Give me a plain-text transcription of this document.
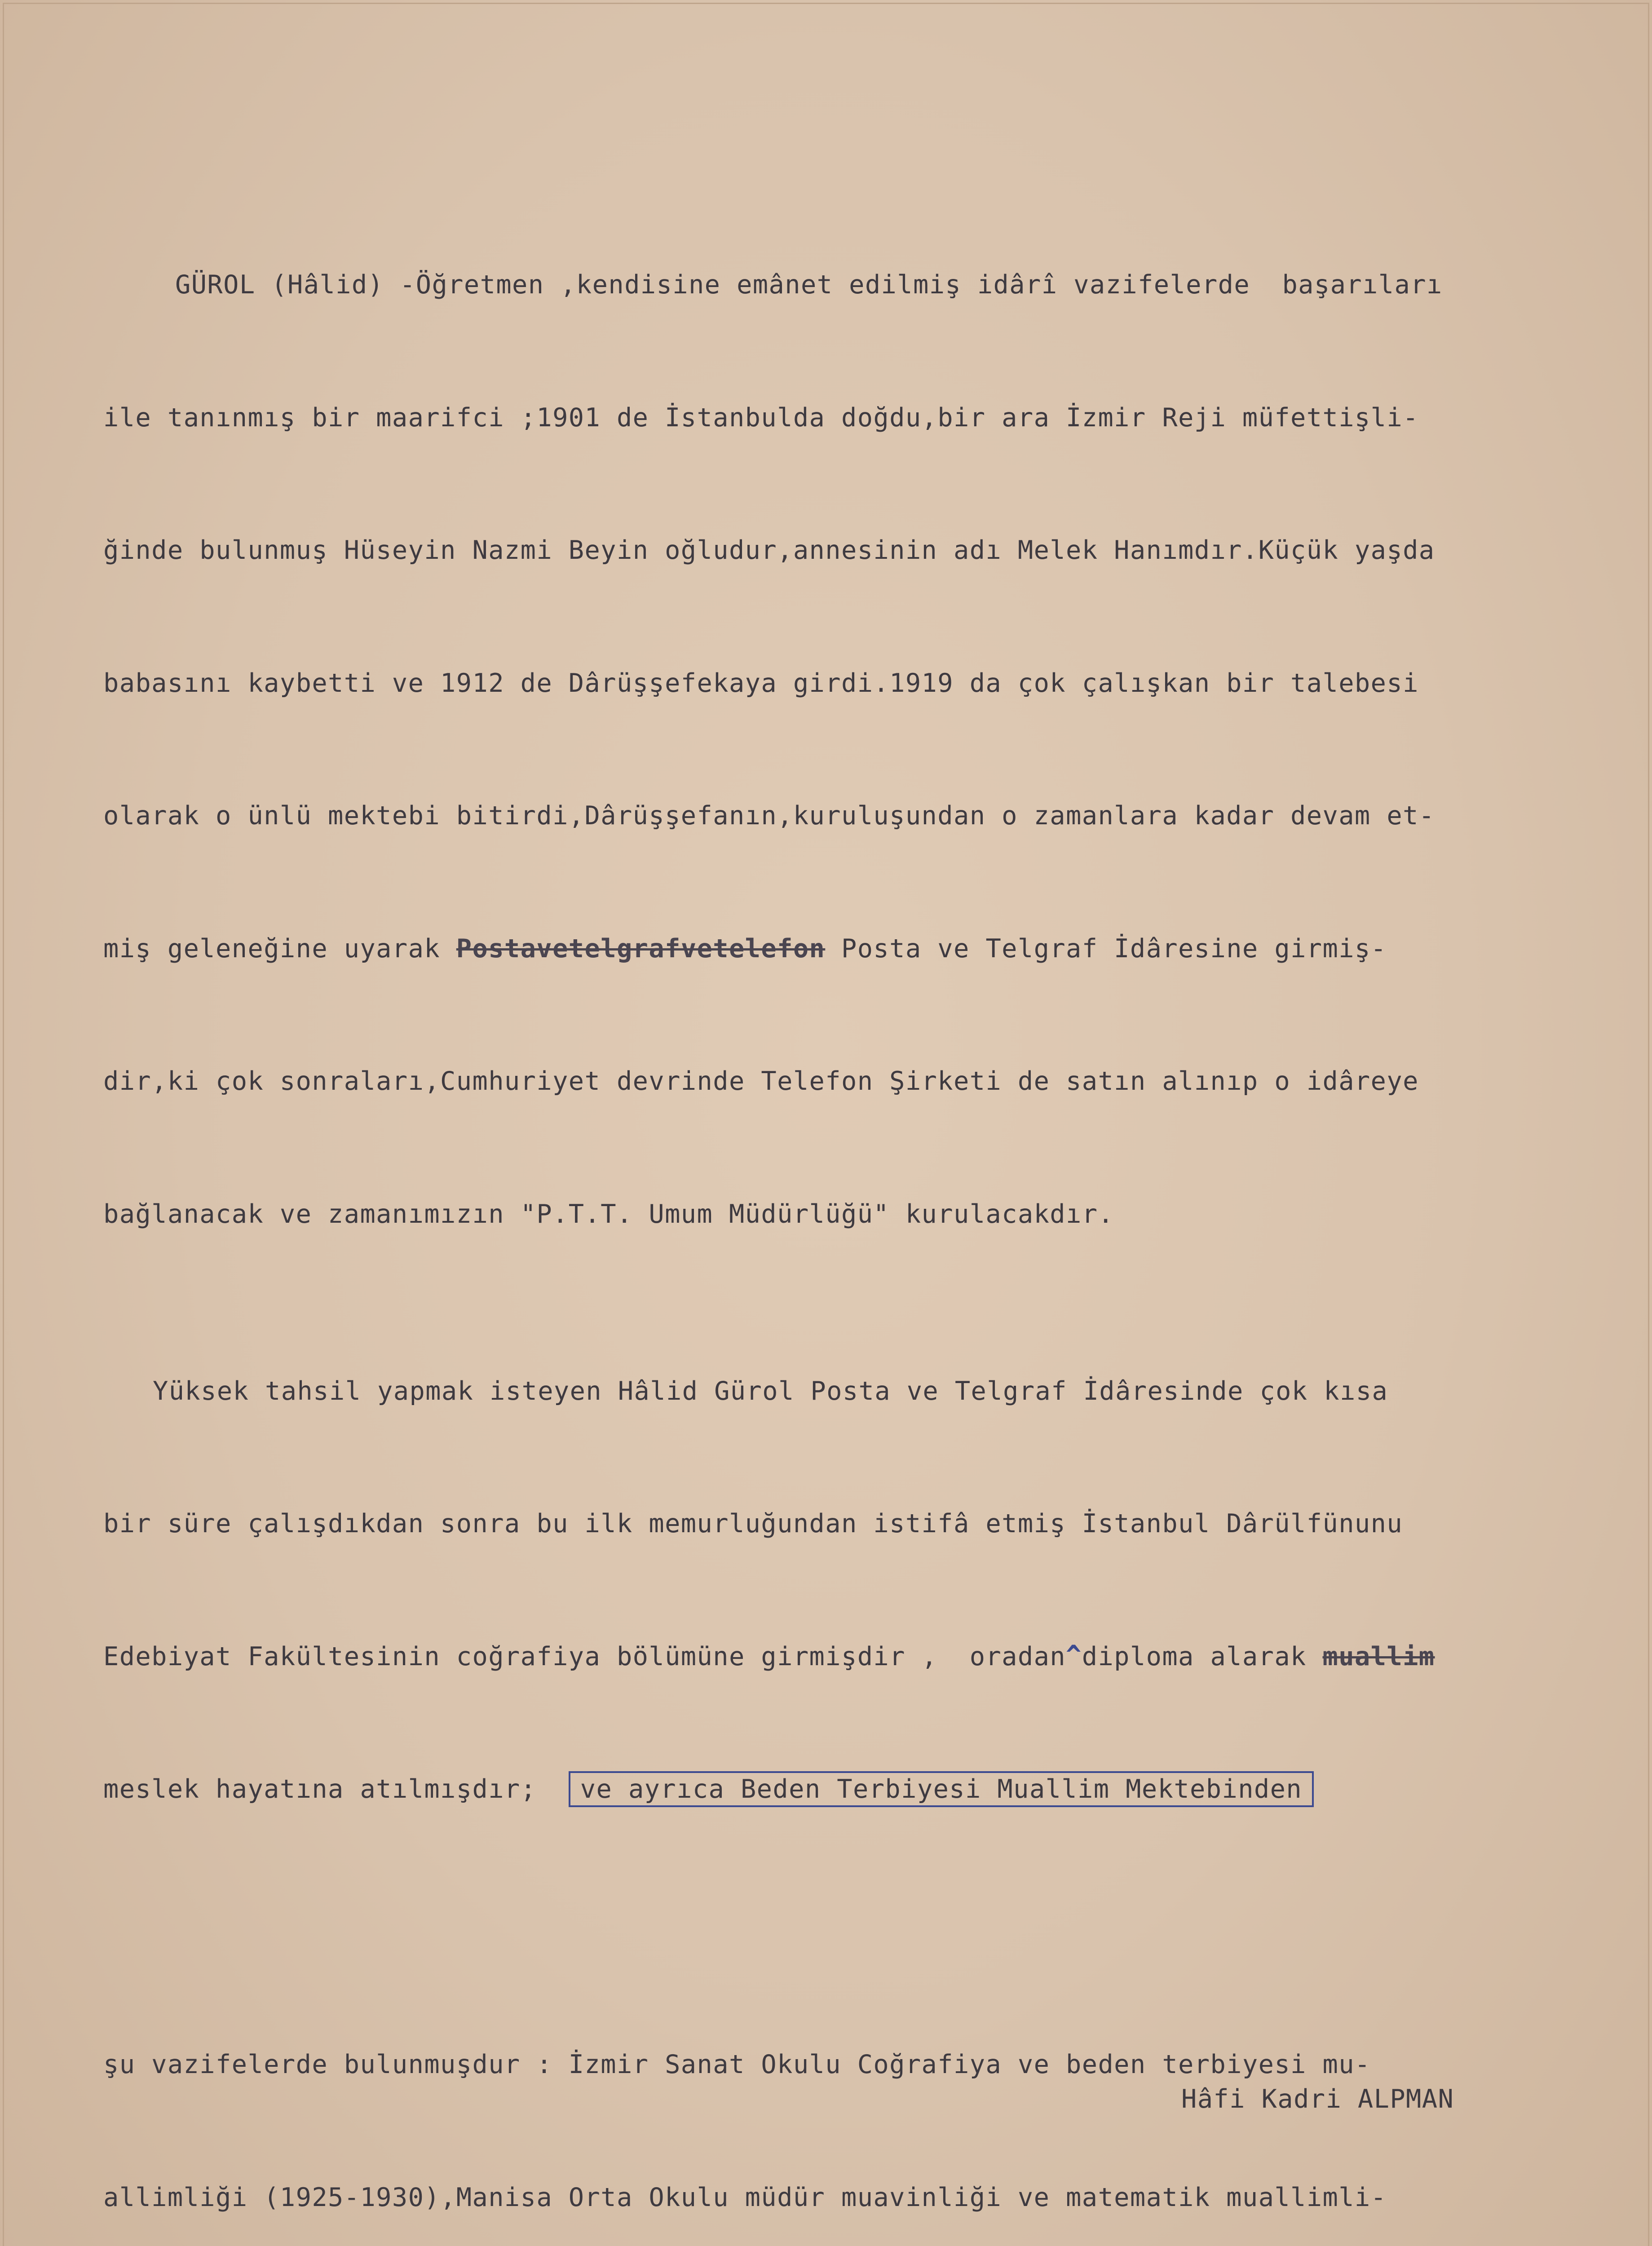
GÜROL (Hâlid) -Öğretmen ,kendisine emânet edilmiş idârî vazifelerde  başarıları

ile tanınmış bir maarifci ;1901 de İstanbulda doğdu,bir ara İzmir Reji müfettişli-

ğinde bulunmuş Hüseyin Nazmi Beyin oğludur,annesinin adı Melek Hanımdır.Küçük yaşda

babasını kaybetti ve 1912 de Dârüşşefekaya girdi.1919 da çok çalışkan bir talebesi

olarak o ünlü mektebi bitirdi,Dârüşşefanın,kuruluşundan o zamanlara kadar devam et-

miş geleneğine uyarak Postavetelgrafvetelefon Posta ve Telgraf İdâresine girmiş-

dir,ki çok sonraları,Cumhuriyet devrinde Telefon Şirketi de satın alınıp o idâreye

bağlanacak ve zamanımızın "P.T.T. Umum Müdürlüğü" kurulacakdır.

Yüksek tahsil yapmak isteyen Hâlid Gürol Posta ve Telgraf İdâresinde çok kısa

bir süre çalışdıkdan sonra bu ilk memurluğundan istifâ etmiş İstanbul Dârülfünunu

Edebiyat Fakültesinin coğrafiya bölümüne girmişdir ,  oradan^diploma alarak muallim

meslek hayatına atılmışdır;  ve ayrıca Beden Terbiyesi Muallim Mektebinden

şu vazifelerde bulunmuşdur : İzmir Sanat Okulu Coğrafiya ve beden terbiyesi mu-

allimliği (1925-1930),Manisa Orta Okulu müdür muavinliği ve matematik muallimli-

Hâfi Kadri ALPMAN
